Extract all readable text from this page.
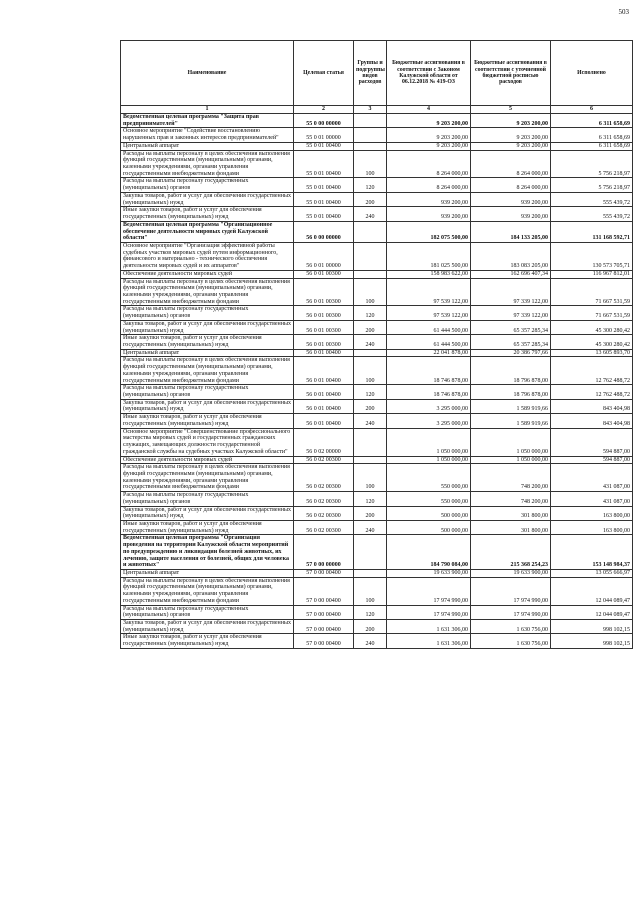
503
Наименование	Целевая статья	Группы и подгруппы видов расходов	Бюджетные ассигнования в соответствии с Законом Калужской области от 06.12.2018 № 419-ОЗ	Бюджетные ассигнования в соответствии с уточненной бюджетной росписью расходов	Исполнено
1	2	3	4	5	6
Ведомственная целевая программа "Защита прав предпринимателей"	55 0 00 00000		9 203 200,00	9 203 200,00	6 311 658,69
Основное мероприятие "Содействие восстановлению нарушенных прав и законных интересов предпринимателей"	55 0 01 00000		9 203 200,00	9 203 200,00	6 311 658,69
Центральный аппарат	55 0 01 00400		9 203 200,00	9 203 200,00	6 311 658,69
Расходы на выплаты персоналу в целях обеспечения выполнения функций государственными (муниципальными) органами, казенными учреждениями, органами управления государственными внебюджетными фондами	55 0 01 00400	100	8 264 000,00	8 264 000,00	5 756 218,97
Расходы на выплаты персоналу государственных (муниципальных) органов	55 0 01 00400	120	8 264 000,00	8 264 000,00	5 756 218,97
Закупка товаров, работ и услуг для обеспечения государственных (муниципальных) нужд	55 0 01 00400	200	939 200,00	939 200,00	555 439,72
Иные закупки товаров, работ и услуг для обеспечения государственных (муниципальных) нужд	55 0 01 00400	240	939 200,00	939 200,00	555 439,72
Ведомственная целевая программа "Организационное обеспечение деятельности мировых судей Калужской области"	56 0 00 00000		182 075 500,00	184 133 205,00	131 168 592,71
Основное мероприятие "Организация эффективной работы судебных участков мировых судей путем информационного, финансового и материально - технического обеспечения деятельности мировых судей и их аппаратов"	56 0 01 00000		181 025 500,00	183 083 205,00	130 573 705,71
Обеспечение деятельности мировых судей	56 0 01 00300		158 983 622,00	162 696 407,34	116 967 812,01
Расходы на выплаты персоналу в целях обеспечения выполнения функций государственными (муниципальными) органами, казенными учреждениями, органами управления государственными внебюджетными фондами	56 0 01 00300	100	97 539 122,00	97 339 122,00	71 667 531,59
Расходы на выплаты персоналу государственных (муниципальных) органов	56 0 01 00300	120	97 539 122,00	97 339 122,00	71 667 531,59
Закупка товаров, работ и услуг для обеспечения государственных (муниципальных) нужд	56 0 01 00300	200	61 444 500,00	65 357 285,34	45 300 280,42
Иные закупки товаров, работ и услуг для обеспечения государственных (муниципальных) нужд	56 0 01 00300	240	61 444 500,00	65 357 285,34	45 300 280,42
Центральный аппарат	56 0 01 00400		22 041 878,00	20 386 797,66	13 605 893,70
Расходы на выплаты персоналу в целях обеспечения выполнения функций государственными (муниципальными) органами, казенными учреждениями, органами управления государственными внебюджетными фондами	56 0 01 00400	100	18 746 878,00	18 796 878,00	12 762 488,72
Расходы на выплаты персоналу государственных (муниципальных) органов	56 0 01 00400	120	18 746 878,00	18 796 878,00	12 762 488,72
Закупка товаров, работ и услуг для обеспечения государственных (муниципальных) нужд	56 0 01 00400	200	3 295 000,00	1 589 919,66	843 404,98
Иные закупки товаров, работ и услуг для обеспечения государственных (муниципальных) нужд	56 0 01 00400	240	3 295 000,00	1 589 919,66	843 404,98
Основное мероприятие "Совершенствование профессионального мастерства мировых судей и государственных гражданских служащих, замещающих должности государственной гражданской службы на судебных участках Калужской области"	56 0 02 00000		1 050 000,00	1 050 000,00	594 887,00
Обеспечение деятельности мировых судей	56 0 02 00300		1 050 000,00	1 050 000,00	594 887,00
Расходы на выплаты персоналу в целях обеспечения выполнения функций государственными (муниципальными) органами, казенными учреждениями, органами управления государственными внебюджетными фондами	56 0 02 00300	100	550 000,00	748 200,00	431 087,00
Расходы на выплаты персоналу государственных (муниципальных) органов	56 0 02 00300	120	550 000,00	748 200,00	431 087,00
Закупка товаров, работ и услуг для обеспечения государственных (муниципальных) нужд	56 0 02 00300	200	500 000,00	301 800,00	163 800,00
Иные закупки товаров, работ и услуг для обеспечения государственных (муниципальных) нужд	56 0 02 00300	240	500 000,00	301 800,00	163 800,00
Ведомственная целевая программа "Организация проведения на территории Калужской области мероприятий по предупреждению и ликвидации болезней животных, их лечению, защите населения от болезней, общих для человека и животных"	57 0 00 00000		184 790 084,00	215 368 254,23	153 148 984,37
Центральный аппарат	57 0 00 00400		19 633 900,00	19 633 900,00	13 055 666,97
Расходы на выплаты персоналу в целях обеспечения выполнения функций государственными (муниципальными) органами, казенными учреждениями, органами управления государственными внебюджетными фондами	57 0 00 00400	100	17 974 990,00	17 974 990,00	12 044 089,47
Расходы на выплаты персоналу государственных (муниципальных) органов	57 0 00 00400	120	17 974 990,00	17 974 990,00	12 044 089,47
Закупка товаров, работ и услуг для обеспечения государственных (муниципальных) нужд	57 0 00 00400	200	1 631 306,00	1 630 756,00	998 102,15
Иные закупки товаров, работ и услуг для обеспечения государственных (муниципальных) нужд	57 0 00 00400	240	1 631 306,00	1 630 756,00	998 102,15
